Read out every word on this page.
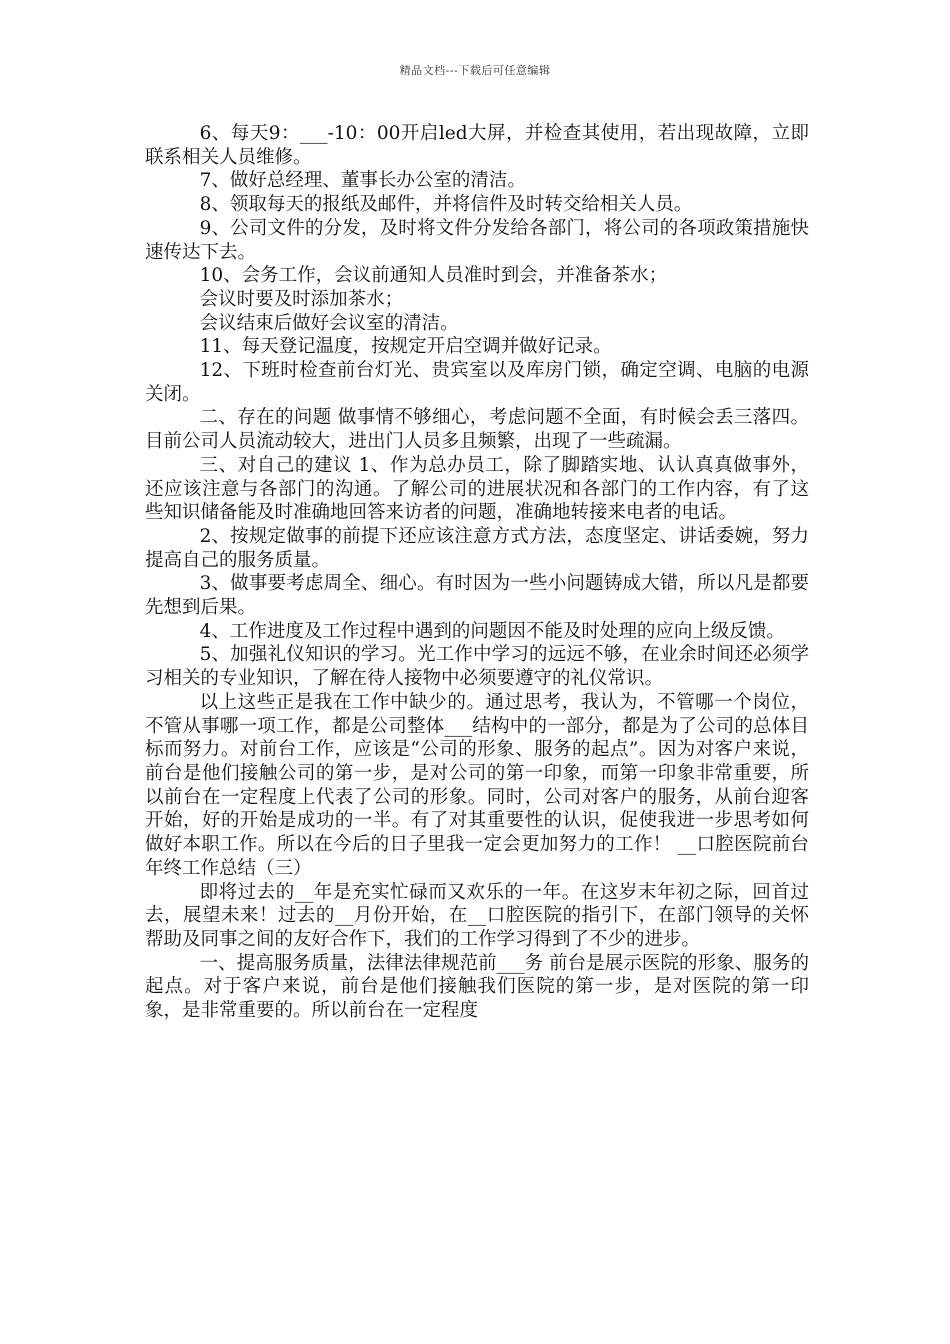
精品文档---下载后可任意编辑

6、每天9：___-10：00开启led大屏，并检查其使用，若出现故障，立即联系相关人员维修。

7、做好总经理、董事长办公室的清洁。

8、领取每天的报纸及邮件，并将信件及时转交给相关人员。

9、公司文件的分发，及时将文件分发给各部门，将公司的各项政策措施快速传达下去。

10、会务工作，会议前通知人员准时到会，并准备茶水；

会议时要及时添加茶水；

会议结束后做好会议室的清洁。

11、每天登记温度，按规定开启空调并做好记录。

12、下班时检查前台灯光、贵宾室以及库房门锁，确定空调、电脑的电源关闭。

二、存在的问题 做事情不够细心，考虑问题不全面，有时候会丢三落四。目前公司人员流动较大，进出门人员多且频繁，出现了一些疏漏。

三、对自己的建议 1、作为总办员工，除了脚踏实地、认认真真做事外，还应该注意与各部门的沟通。了解公司的进展状况和各部门的工作内容，有了这些知识储备能及时准确地回答来访者的问题，准确地转接来电者的电话。

2、按规定做事的前提下还应该注意方式方法，态度坚定、讲话委婉，努力提高自己的服务质量。

3、做事要考虑周全、细心。有时因为一些小问题铸成大错，所以凡是都要先想到后果。

4、工作进度及工作过程中遇到的问题因不能及时处理的应向上级反馈。

5、加强礼仪知识的学习。光工作中学习的远远不够，在业余时间还必须学习相关的专业知识，了解在待人接物中必须要遵守的礼仪常识。

以上这些正是我在工作中缺少的。通过思考，我认为，不管哪一个岗位，不管从事哪一项工作，都是公司整体___结构中的一部分，都是为了公司的总体目标而努力。对前台工作，应该是“公司的形象、服务的起点”。因为对客户来说，前台是他们接触公司的第一步，是对公司的第一印象，而第一印象非常重要，所以前台在一定程度上代表了公司的形象。同时，公司对客户的服务，从前台迎客开始，好的开始是成功的一半。有了对其重要性的认识，促使我进一步思考如何做好本职工作。所以在今后的日子里我一定会更加努力的工作！ __口腔医院前台年终工作总结（三）

即将过去的__年是充实忙碌而又欢乐的一年。在这岁末年初之际，回首过去，展望未来！过去的__月份开始，在__口腔医院的指引下，在部门领导的关怀帮助及同事之间的友好合作下，我们的工作学习得到了不少的进步。

一、提高服务质量，法律法律规范前___务 前台是展示医院的形象、服务的起点。对于客户来说，前台是他们接触我们医院的第一步，是对医院的第一印象，是非常重要的。所以前台在一定程度
